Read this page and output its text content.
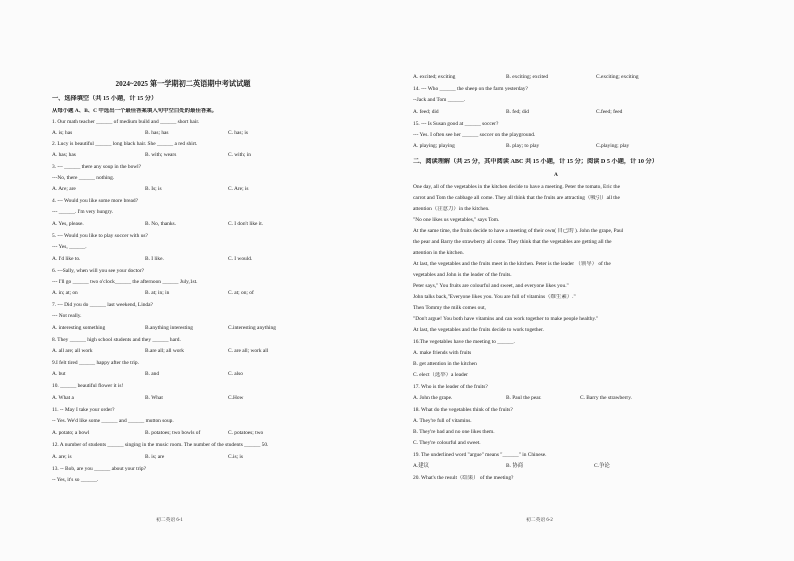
2024~2025 第一学期初二英语期中考试试题
一、选择填空（共 15 小题，计 15 分）
从每小题 A、B、C 中选出一个最佳答案填入句中空白处的最佳答案。
1. Our math teacher ______ of medium build and ______ short hair.
A. is; has	B. has; has	C. has; is
2. Lucy is beautiful ______ long black hair. She ______ a red shirt.
A. has; has	B. with; wears	C. with; in
3. --- ______ there any soup in the bowl?
---No, there ______ nothing.
A. Are; are	B. Is; is	C. Are; is
4. --- Would you like some more bread?
--- ______. I'm very hungry.
A. Yes, please.	B. No, thanks.	C. I don't like it.
5. --- Would you like to play soccer with us?
--- Yes, ______.
A. I'd like to.	B. I like.	C. I would.
6. ---Sally, when will you see your doctor?
--- I'll go ______ two o'clock______ the afternoon ______ July,1st.
A. in; at; on	B. at; in; in	C. at; on; of
7. --- Did you do ______ last weekend, Linda?
--- Not really.
A. interesting something	B.anything interesting	C.interesting anything
8. They ______ high school students and they ______ hard.
A. all are; all work	B.are all; all work	C. are all; work all
9.I felt tired ______ happy after the trip.
A. but	B. and	C. also
10. ______ beautiful flower it is!
A. What a	B. What	C.How
11. -- May I take your order?
-- Yes. We'd like some ______ and ______ mutton soup.
A. potato; a bowl	B. potatoes; two bowls of	C. potatoes; two
12. A number of students ______ singing in the music room. The number of the students ______ 50.
A. are; is	B. is; are	C.is; is
13. -- Bob, are you ______ about your trip?
-- Yes, it's so ______.
初二英语 6-1
A. excited; exciting	B. exciting; excited	C.exciting; exciting
14. --- Who ______ the sheep on the farm yesterday?
--Jack and Tom ______.
A. feed; did	B. fed; did	C.feed; feed
15. --- Is Susan good at ______ soccer?
--- Yes. I often see her ______ soccer on the playground.
A. playing; playing	B. play; to play	C.playing; play
二、阅读理解（共 25 分，其中阅读 ABC 共 15 小题，计 15 分；阅读 D 5 小题，计 10 分）
A
One day, all of the vegetables in the kitchen decide to have a meeting. Peter the tomato, Eric the
carrot and Tom the cabbage all come. They all think that the fruits are attracting（吸引）all the
attention（注意力）in the kitchen.
"No one likes us vegetables," says Tom.
At the same time, the fruits decide to have a meeting of their own( 自己的 ). John the grape, Paul
the pear and Barry the strawberry all come. They think that the vegetables are getting all the
attention in the kitchen.
At last, the vegetables and the fruits meet in the kitchen. Peter is the leader （领导） of the
vegetables and John is the leader of the fruits.
Peter says," You fruits are colourful and sweet, and everyone likes you."
John talks back,"Everyone likes you. You are full of vitamins（维生素）."
Then Tommy the milk comes out,
"Don't argue! You both have vitamins and can work together to make people healthy."
At last, the vegetables and the fruits decide to work together.
16.The vegetables have the meeting to ______.
A. make friends with fruits
B. get attention in the kitchen
C. elect（选举）a leader
17. Who is the leader of the fruits?
A. John the grape.	B. Paul the pear.	C. Barry the strawberry.
18. What do the vegetables think of the fruits?
A. They're full of vitamins.
B. They're bad and no one likes them.
C. They're colourful and sweet.
19. The underlined word "argue" means "______" in Chinese.
A.建议	B. 协商	C.争论
20. What's the result（结果） of the meeting?
初二英语 6-2
